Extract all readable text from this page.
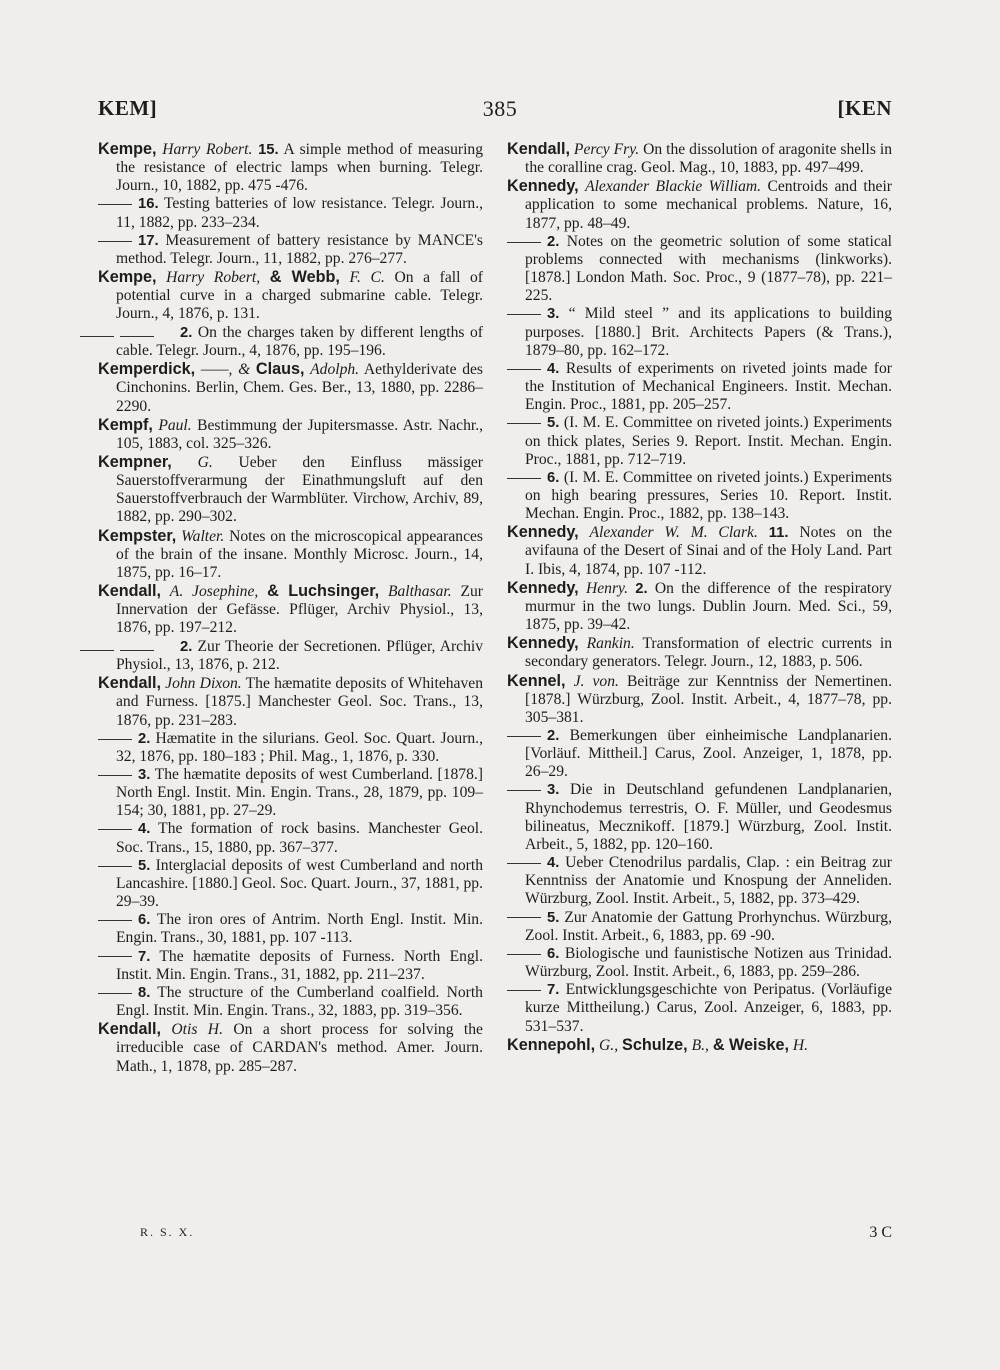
385
KEM]	[KEN

Kempe, Harry Robert. 15. A simple method of measuring the resistance of electric lamps when burning. Telegr. Journ., 10, 1882, pp. 475 -476.

16. Testing batteries of low resistance. Telegr. Journ., 11, 1882, pp. 233–234.

17. Measurement of battery resistance by MANCE's method. Telegr. Journ., 11, 1882, pp. 276–277.

Kempe, Harry Robert, & Webb, F. C. On a fall of potential curve in a charged submarine cable. Telegr. Journ., 4, 1876, p. 131.

2. On the charges taken by different lengths of cable. Telegr. Journ., 4, 1876, pp. 195–196.

Kemperdick, ——, & Claus, Adolph. Aethylderivate des Cinchonins. Berlin, Chem. Ges. Ber., 13, 1880, pp. 2286–2290.

Kempf, Paul. Bestimmung der Jupitersmasse. Astr. Nachr., 105, 1883, col. 325–326.

Kempner, G. Ueber den Einfluss mässiger Sauerstoffverarmung der Einathmungsluft auf den Sauerstoffverbrauch der Warmblüter. Virchow, Archiv, 89, 1882, pp. 290–302.

Kempster, Walter. Notes on the microscopical appearances of the brain of the insane. Monthly Microsc. Journ., 14, 1875, pp. 16–17.

Kendall, A. Josephine, & Luchsinger, Balthasar. Zur Innervation der Gefässe. Pflüger, Archiv Physiol., 13, 1876, pp. 197–212.

2. Zur Theorie der Secretionen. Pflüger, Archiv Physiol., 13, 1876, p. 212.

Kendall, John Dixon. The hæmatite deposits of Whitehaven and Furness. [1875.] Manchester Geol. Soc. Trans., 13, 1876, pp. 231–283.

2. Hæmatite in the silurians. Geol. Soc. Quart. Journ., 32, 1876, pp. 180–183 ; Phil. Mag., 1, 1876, p. 330.

3. The hæmatite deposits of west Cumberland. [1878.] North Engl. Instit. Min. Engin. Trans., 28, 1879, pp. 109–154; 30, 1881, pp. 27–29.

4. The formation of rock basins. Manchester Geol. Soc. Trans., 15, 1880, pp. 367–377.

5. Interglacial deposits of west Cumberland and north Lancashire. [1880.] Geol. Soc. Quart. Journ., 37, 1881, pp. 29–39.

6. The iron ores of Antrim. North Engl. Instit. Min. Engin. Trans., 30, 1881, pp. 107 -113.

7. The hæmatite deposits of Furness. North Engl. Instit. Min. Engin. Trans., 31, 1882, pp. 211–237.

8. The structure of the Cumberland coalfield. North Engl. Instit. Min. Engin. Trans., 32, 1883, pp. 319–356.

Kendall, Otis H. On a short process for solving the irreducible case of CARDAN's method. Amer. Journ. Math., 1, 1878, pp. 285–287.

Kendall, Percy Fry. On the dissolution of aragonite shells in the coralline crag. Geol. Mag., 10, 1883, pp. 497–499.

Kennedy, Alexander Blackie William. Centroids and their application to some mechanical problems. Nature, 16, 1877, pp. 48–49.

2. Notes on the geometric solution of some statical problems connected with mechanisms (linkworks). [1878.] London Math. Soc. Proc., 9 (1877–78), pp. 221–225.

3. “ Mild steel ” and its applications to building purposes. [1880.] Brit. Architects Papers (& Trans.), 1879–80, pp. 162–172.

4. Results of experiments on riveted joints made for the Institution of Mechanical Engineers. Instit. Mechan. Engin. Proc., 1881, pp. 205–257.

5. (I. M. E. Committee on riveted joints.) Experiments on thick plates, Series 9. Report. Instit. Mechan. Engin. Proc., 1881, pp. 712–719.

6. (I. M. E. Committee on riveted joints.) Experiments on high bearing pressures, Series 10. Report. Instit. Mechan. Engin. Proc., 1882, pp. 138–143.

Kennedy, Alexander W. M. Clark. 11. Notes on the avifauna of the Desert of Sinai and of the Holy Land. Part I. Ibis, 4, 1874, pp. 107 -112.

Kennedy, Henry. 2. On the difference of the respiratory murmur in the two lungs. Dublin Journ. Med. Sci., 59, 1875, pp. 39–42.

Kennedy, Rankin. Transformation of electric currents in secondary generators. Telegr. Journ., 12, 1883, p. 506.

Kennel, J. von. Beiträge zur Kenntniss der Nemertinen. [1878.] Würzburg, Zool. Instit. Arbeit., 4, 1877–78, pp. 305–381.

2. Bemerkungen über einheimische Landplanarien. [Vorläuf. Mittheil.] Carus, Zool. Anzeiger, 1, 1878, pp. 26–29.

3. Die in Deutschland gefundenen Landplanarien, Rhynchodemus terrestris, O. F. Müller, und Geodesmus bilineatus, Mecznikoff. [1879.] Würzburg, Zool. Instit. Arbeit., 5, 1882, pp. 120–160.

4. Ueber Ctenodrilus pardalis, Clap. : ein Beitrag zur Kenntniss der Anatomie und Knospung der Anneliden. Würzburg, Zool. Instit. Arbeit., 5, 1882, pp. 373–429.

5. Zur Anatomie der Gattung Prorhynchus. Würzburg, Zool. Instit. Arbeit., 6, 1883, pp. 69 -90.

6. Biologische und faunistische Notizen aus Trinidad. Würzburg, Zool. Instit. Arbeit., 6, 1883, pp. 259–286.

7. Entwicklungsgeschichte von Peripatus. (Vorläufige kurze Mittheilung.) Carus, Zool. Anzeiger, 6, 1883, pp. 531–537.

Kennepohl, G., Schulze, B., & Weiske, H.

R. S. X.	3 C
